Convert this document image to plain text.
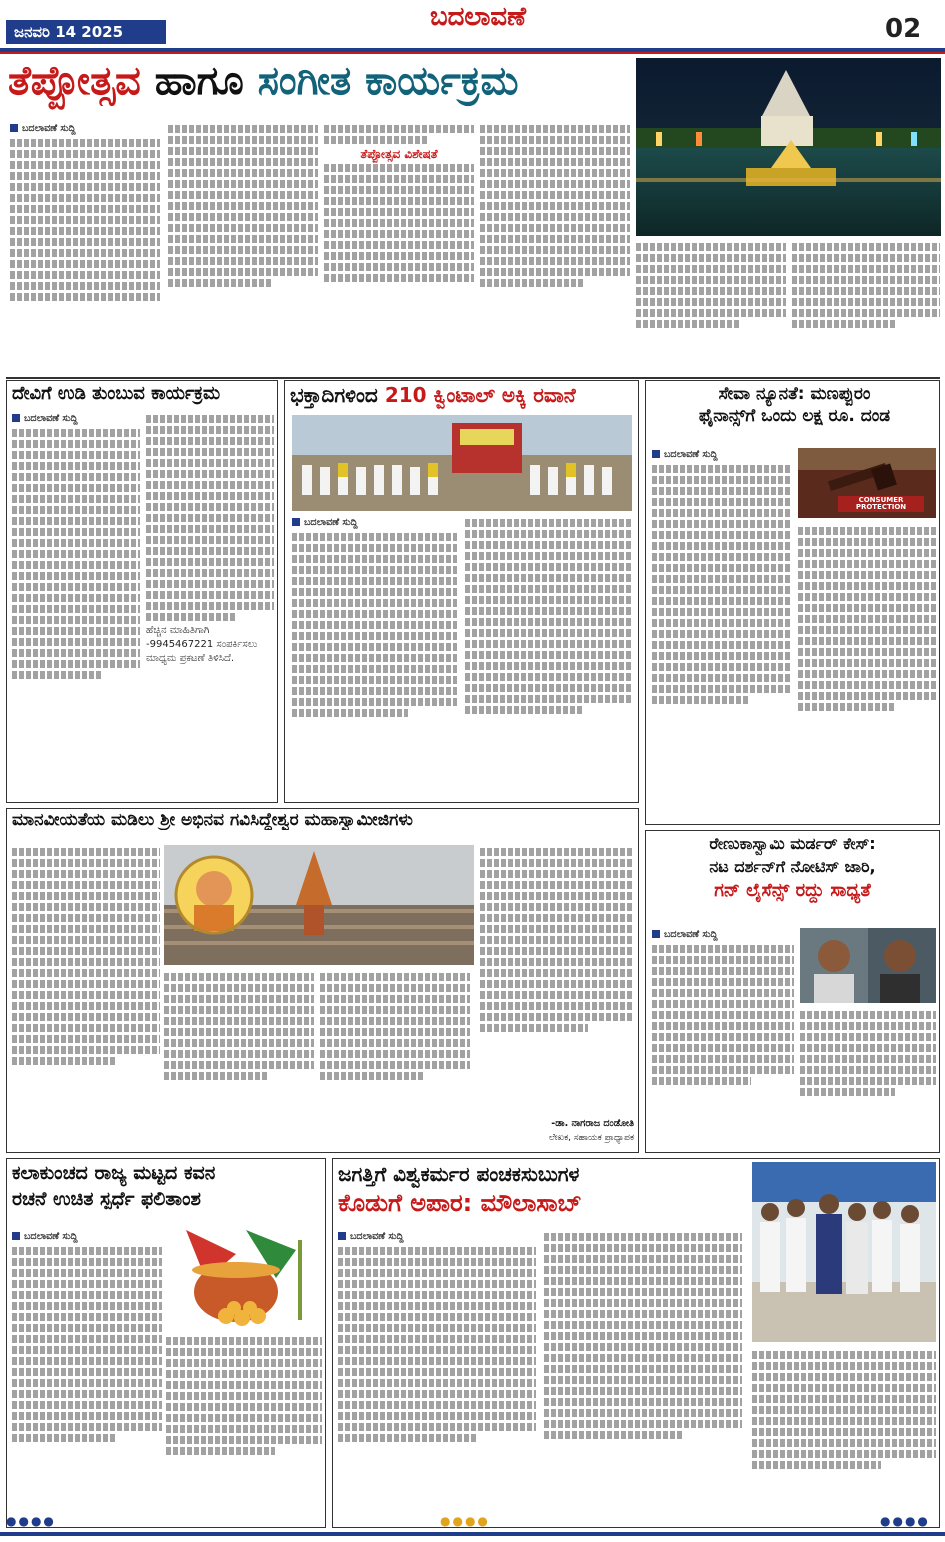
ಜನವರಿ 14 2025	ಬದಲಾವಣೆ	02
ತೆಪ್ಪೋತ್ಸವ ಹಾಗೂ ಸಂಗೀತ ಕಾರ್ಯಕ್ರಮ
ಬದಲಾವಣೆ ಸುದ್ದಿ
ತೆಪ್ಪೋತ್ಸವ ವಿಶೇಷತೆ
ದೇವಿಗೆ ಉಡಿ ತುಂಬುವ ಕಾರ್ಯಕ್ರಮ
ಬದಲಾವಣೆ ಸುದ್ದಿ
ಹೆಚ್ಚಿನ ಮಾಹಿತಿಗಾಗಿ
-9945467221 ಸಂಪರ್ಕಿಸಲು
ಮಾಧ್ಯಮ ಪ್ರಕಟಣೆ ತಿಳಿಸಿದೆ.
ಭಕ್ತಾದಿಗಳಿಂದ 210 ಕ್ವಿಂಟಾಲ್ ಅಕ್ಕಿ ರವಾನೆ
ಬದಲಾವಣೆ ಸುದ್ದಿ
ಸೇವಾ ನ್ಯೂನತೆ: ಮಣಪ್ಪುರಂ
ಫೈನಾನ್ಸ್‌ಗೆ ಒಂದು ಲಕ್ಷ ರೂ. ದಂಡ
ಬದಲಾವಣೆ ಸುದ್ದಿ
CONSUMER PROTECTION
ಮಾನವೀಯತೆಯ ಮಡಿಲು ಶ್ರೀ ಅಭಿನವ ಗವಿಸಿದ್ದೇಶ್ವರ ಮಹಾಸ್ವಾಮೀಜಿಗಳು
-ಡಾ. ನಾಗರಾಜ ದಂಡೋತಿ
ಲೇಖಕ, ಸಹಾಯಕ ಪ್ರಾಧ್ಯಾಪಕ
ರೇಣುಕಾಸ್ವಾಮಿ ಮರ್ಡರ್ ಕೇಸ್:
ನಟ ದರ್ಶನ್‌ಗೆ ನೋಟಿಸ್ ಜಾರಿ,
ಗನ್ ಲೈಸೆನ್ಸ್ ರದ್ದು ಸಾಧ್ಯತೆ
ಬದಲಾವಣೆ ಸುದ್ದಿ
ಕಲಾಕುಂಚದ ರಾಜ್ಯ ಮಟ್ಟದ ಕವನ
ರಚನೆ ಉಚಿತ ಸ್ಪರ್ಧೆ ಫಲಿತಾಂಶ
ಬದಲಾವಣೆ ಸುದ್ದಿ
ಜಗತ್ತಿಗೆ ವಿಶ್ವಕರ್ಮರ ಪಂಚಕಸುಬುಗಳ
ಕೊಡುಗೆ ಅಪಾರ: ಮೌಲಾಸಾಬ್
ಬದಲಾವಣೆ ಸುದ್ದಿ
●●●●	●●●●	●●●●
